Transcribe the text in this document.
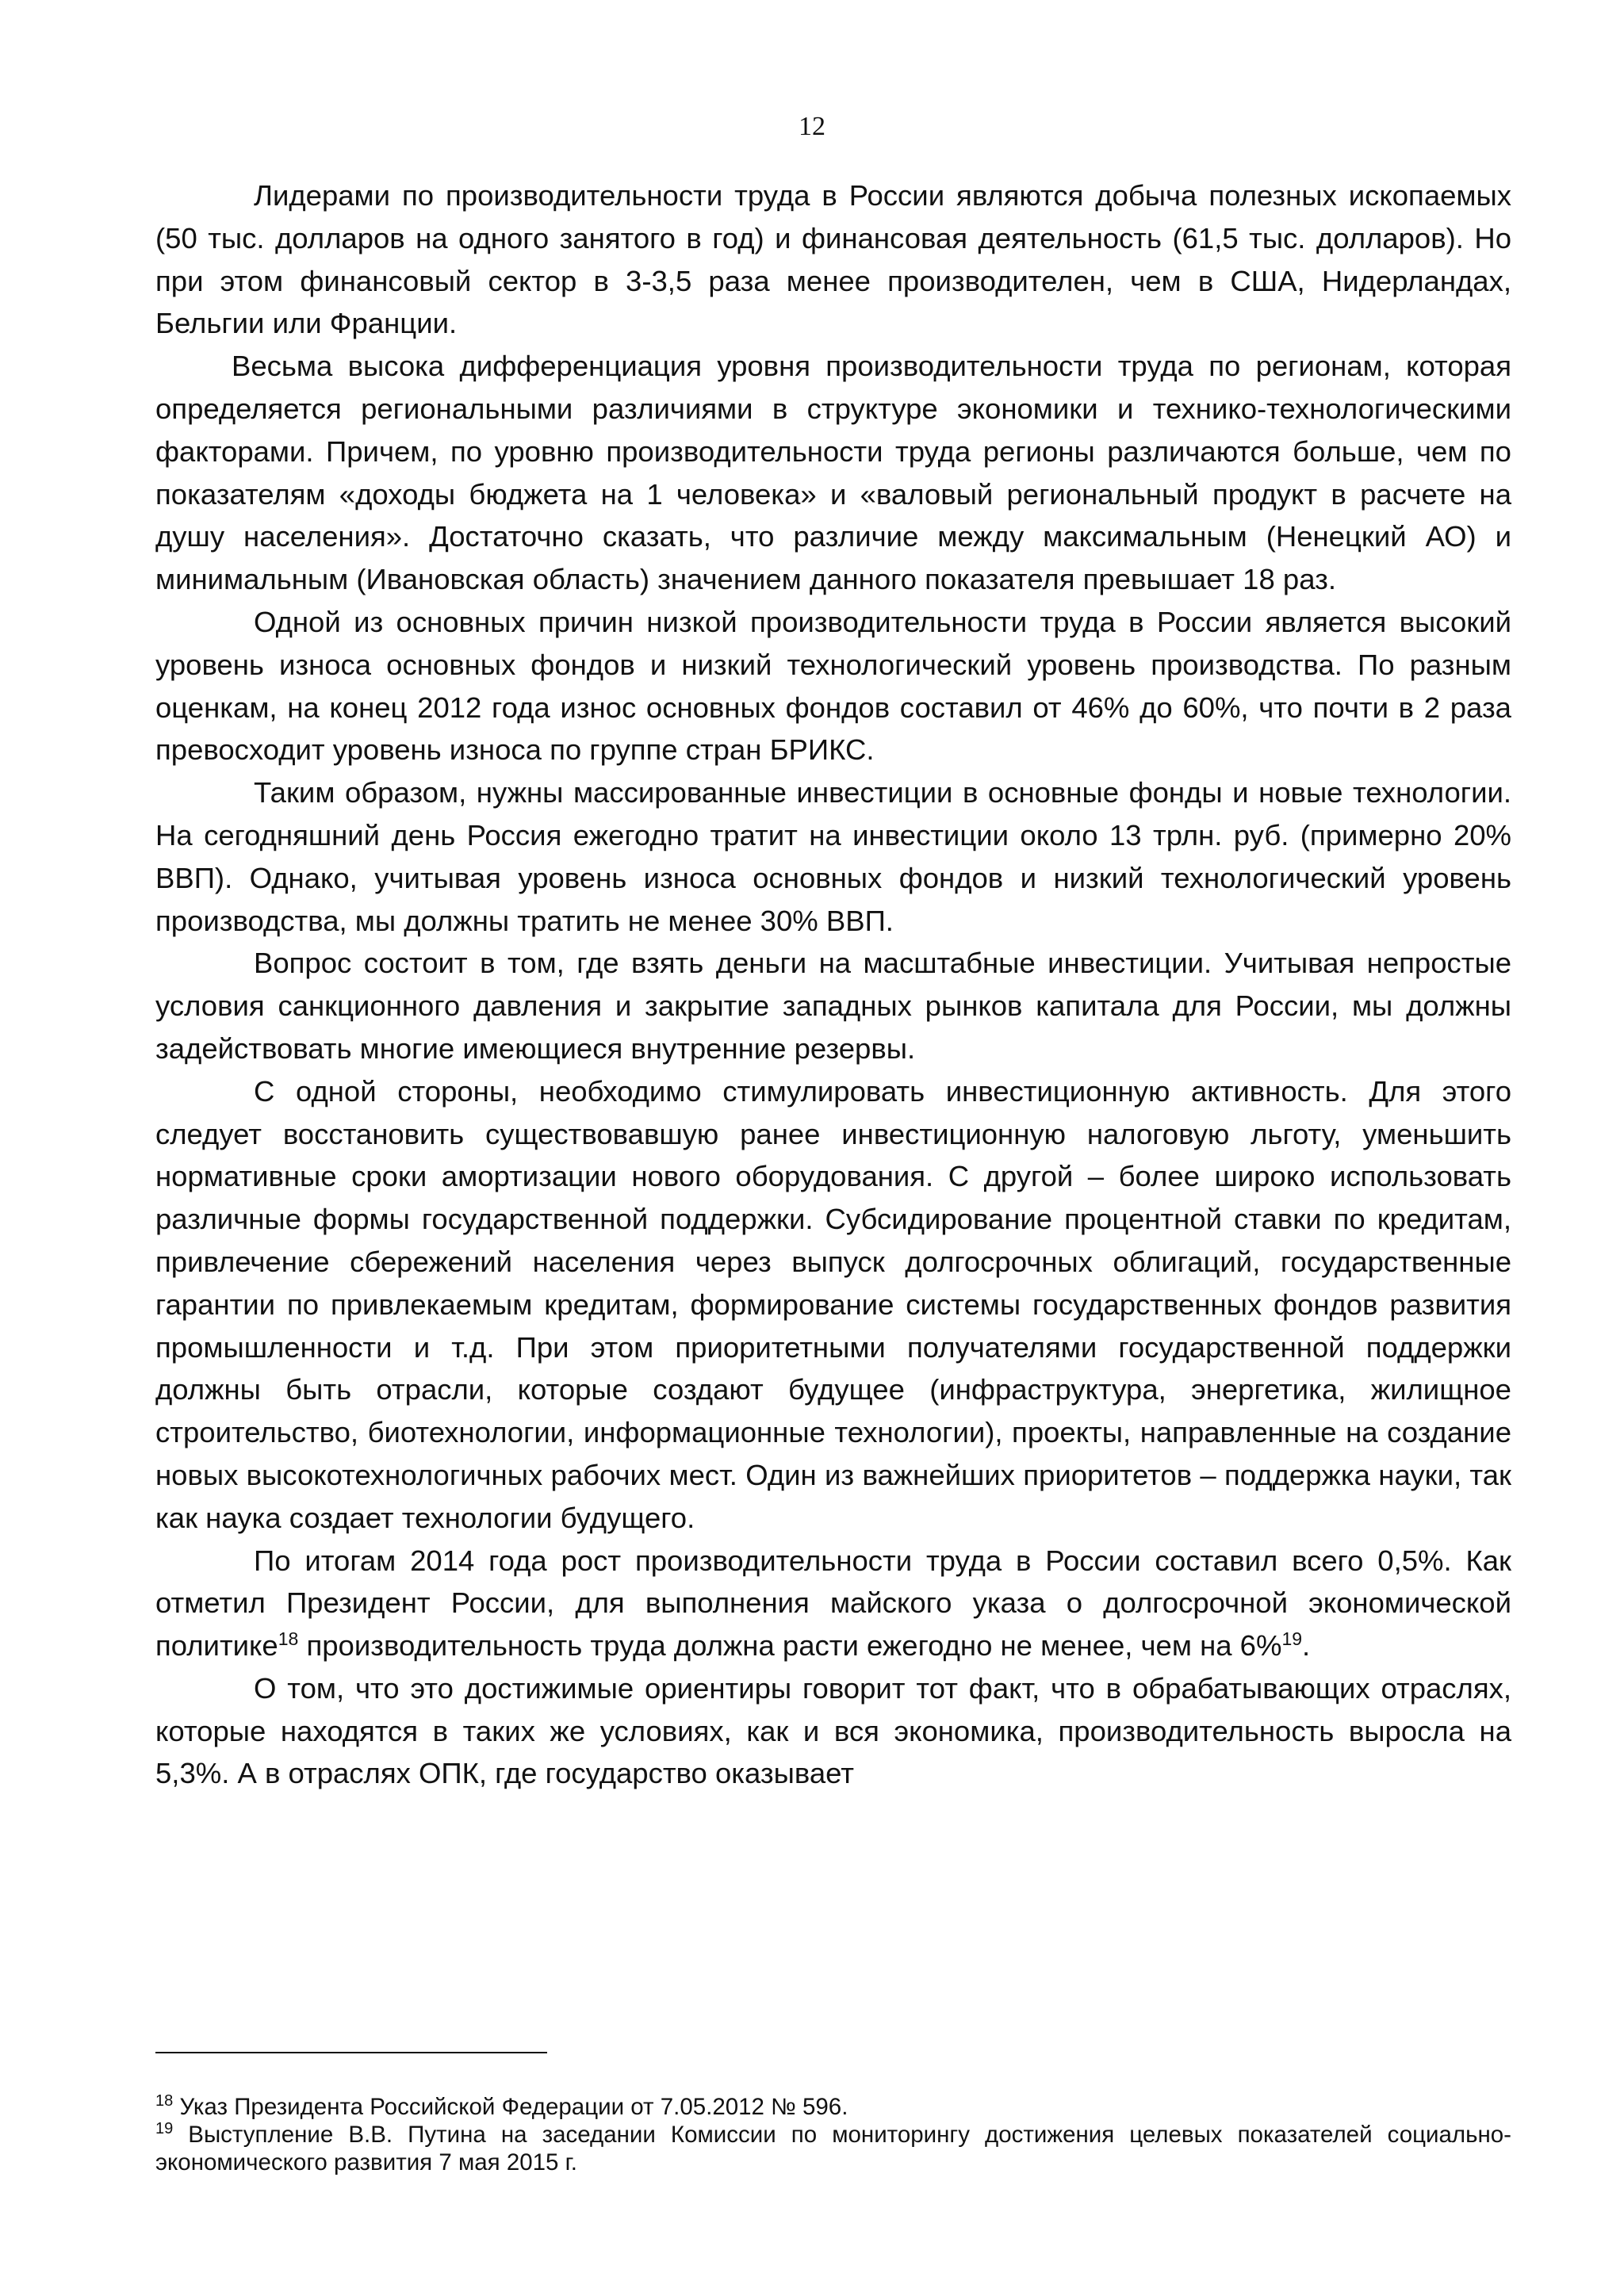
12

Лидерами по производительности труда в России являются добыча полезных ископаемых (50 тыс. долларов на одного занятого в год) и финансовая деятельность (61,5 тыс. долларов). Но при этом финансовый сектор в 3-3,5 раза менее производителен, чем в США, Нидерландах, Бельгии или Франции.

Весьма высока дифференциация уровня производительности труда по регионам, которая определяется региональными различиями в структуре экономики и технико-технологическими факторами. Причем, по уровню производительности труда регионы различаются больше, чем по показателям «доходы бюджета на 1 человека» и «валовый региональный продукт в расчете на душу населения». Достаточно сказать, что различие между максимальным (Ненецкий АО) и минимальным (Ивановская область) значением данного показателя превышает 18 раз.

Одной из основных причин низкой производительности труда в России является высокий уровень износа основных фондов и низкий технологический уровень производства. По разным оценкам, на конец 2012 года износ основных фондов составил от 46% до 60%, что почти в 2 раза превосходит уровень износа по группе стран БРИКС.

Таким образом, нужны массированные инвестиции в основные фонды и новые технологии. На сегодняшний день Россия ежегодно тратит на инвестиции около 13 трлн. руб. (примерно 20% ВВП). Однако, учитывая уровень износа основных фондов и низкий технологический уровень производства, мы должны тратить не менее 30% ВВП.

Вопрос состоит в том, где взять деньги на масштабные инвестиции. Учитывая непростые условия санкционного давления и закрытие западных рынков капитала для России, мы должны задействовать многие имеющиеся внутренние резервы.

С одной стороны, необходимо стимулировать инвестиционную активность. Для этого следует восстановить существовавшую ранее инвестиционную налоговую льготу, уменьшить нормативные сроки амортизации нового оборудования. С другой – более широко использовать различные формы государственной поддержки. Субсидирование процентной ставки по кредитам, привлечение сбережений населения через выпуск долгосрочных облигаций, государственные гарантии по привлекаемым кредитам, формирование системы государственных фондов развития промышленности и т.д. При этом приоритетными получателями государственной поддержки должны быть отрасли, которые создают будущее (инфраструктура, энергетика, жилищное строительство, биотехнологии, информационные технологии), проекты, направленные на создание новых высокотехнологичных рабочих мест. Один из важнейших приоритетов – поддержка науки, так как наука создает технологии будущего.

По итогам 2014 года рост производительности труда в России составил всего 0,5%. Как отметил Президент России, для выполнения майского указа о долгосрочной экономической политике$^{18}$ производительность труда должна расти ежегодно не менее, чем на 6%$^{19}$.

О том, что это достижимые ориентиры говорит тот факт, что в обрабатывающих отраслях, которые находятся в таких же условиях, как и вся экономика, производительность выросла на 5,3%. А в отраслях ОПК, где государство оказывает

$^{18}$ Указ Президента Российской Федерации от 7.05.2012 № 596.

$^{19}$ Выступление В.В. Путина на заседании Комиссии по мониторингу достижения целевых показателей социально-экономического развития 7 мая 2015 г.
